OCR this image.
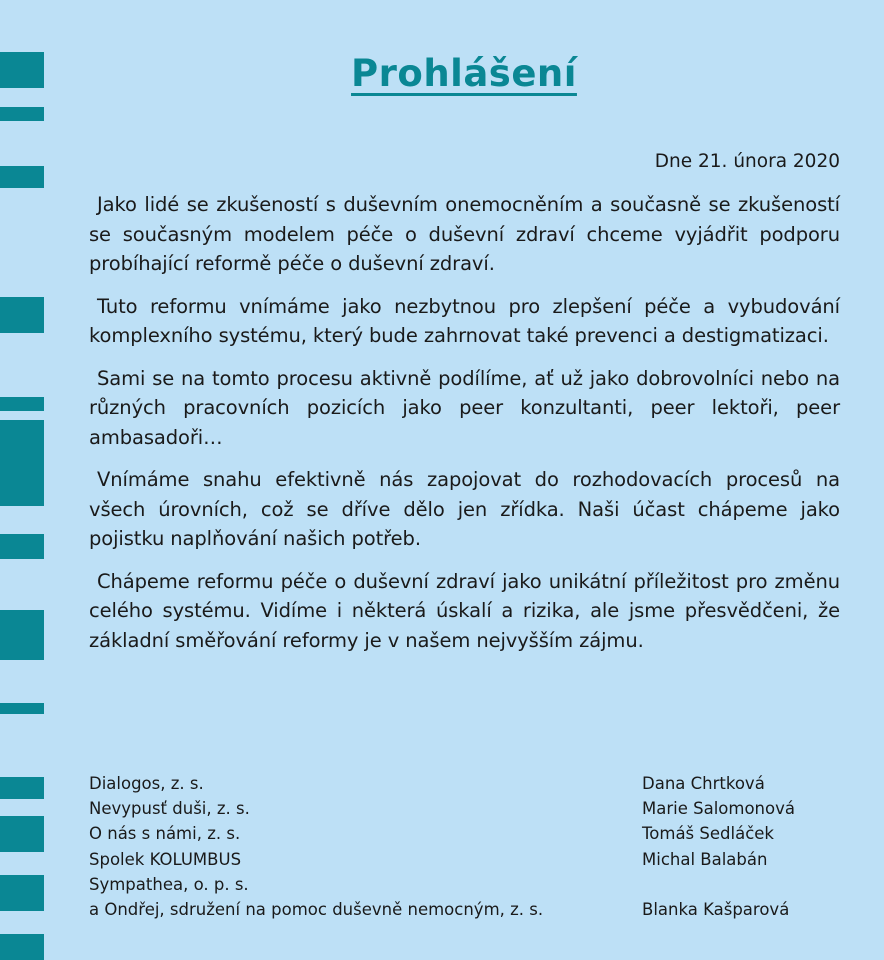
Prohlášení
Dne 21. února 2020

Jako lidé se zkušeností s duševním onemocněním a současně se zkušeností se současným modelem péče o duševní zdraví chceme vyjádřit podporu probíhající reformě péče o duševní zdraví.

Tuto reformu vnímáme jako nezbytnou pro zlepšení péče a vybudování komplexního systému, který bude zahrnovat také prevenci a destigmatizaci.

Sami se na tomto procesu aktivně podílíme, ať už jako dobrovolníci nebo na různých pracovních pozicích jako peer konzultanti, peer lektoři, peer ambasadoři…

Vnímáme snahu efektivně nás zapojovat do rozhodovacích procesů na všech úrovních, což se dříve dělo jen zřídka. Naši účast chápeme jako pojistku naplňování našich potřeb.

Chápeme reformu péče o duševní zdraví jako unikátní příležitost pro změnu celého systému. Vidíme i některá úskalí a rizika, ale jsme přesvědčeni, že základní směřování reformy je v našem nejvyšším zájmu.

Dialogos, z. s.
Nevypusť duši, z. s.
O nás s námi, z. s.
Spolek KOLUMBUS
Sympathea, o. p. s.
a Ondřej, sdružení na pomoc duševně nemocným, z. s.
Dana Chrtková
Marie Salomonová
Tomáš Sedláček
Michal Balabán
Blanka Kašparová
